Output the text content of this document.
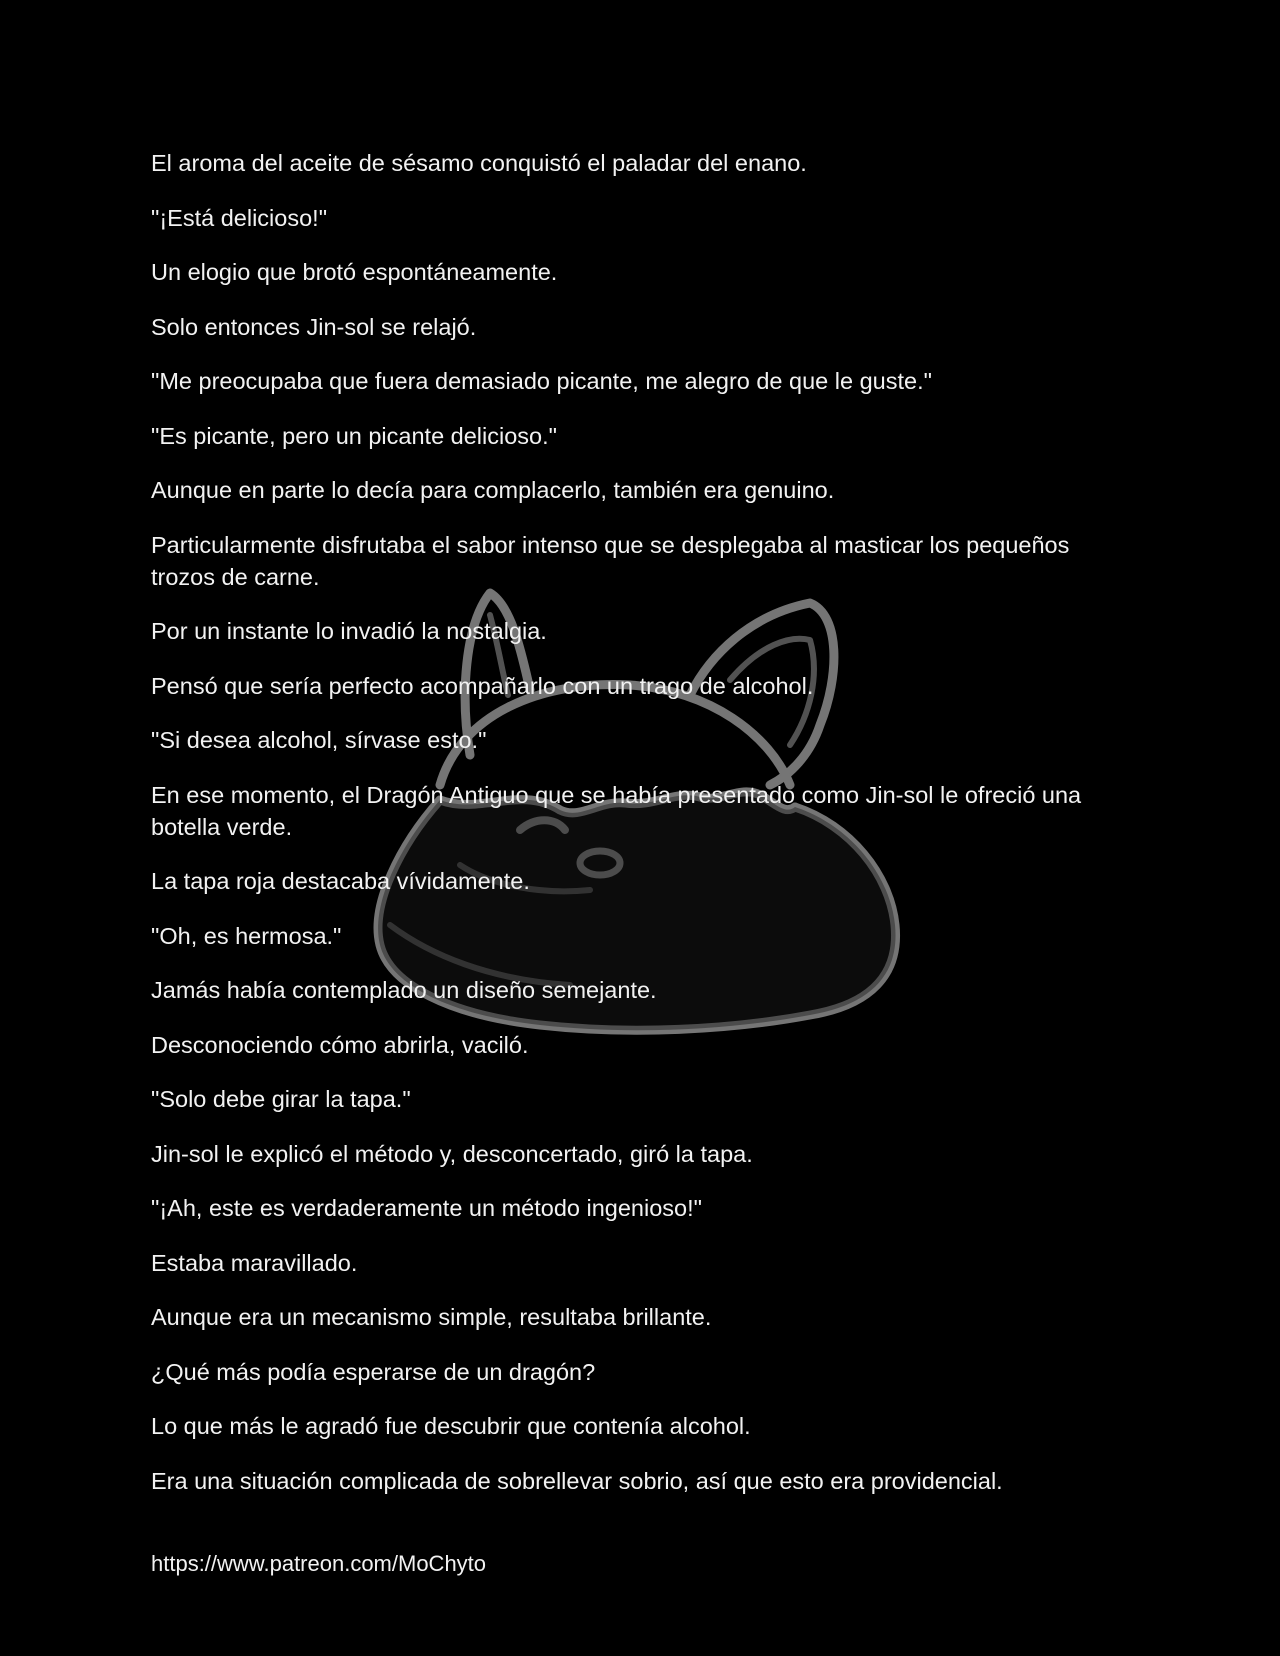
El aroma del aceite de sésamo conquistó el paladar del enano.

"¡Está delicioso!"

Un elogio que brotó espontáneamente.

Solo entonces Jin-sol se relajó.

"Me preocupaba que fuera demasiado picante, me alegro de que le guste."

"Es picante, pero un picante delicioso."

Aunque en parte lo decía para complacerlo, también era genuino.

Particularmente disfrutaba el sabor intenso que se desplegaba al masticar los pequeños trozos de carne.

Por un instante lo invadió la nostalgia.

Pensó que sería perfecto acompañarlo con un trago de alcohol.

"Si desea alcohol, sírvase esto."

En ese momento, el Dragón Antiguo que se había presentado como Jin-sol le ofreció una botella verde.

La tapa roja destacaba vívidamente.

"Oh, es hermosa."

Jamás había contemplado un diseño semejante.

Desconociendo cómo abrirla, vaciló.

"Solo debe girar la tapa."

Jin-sol le explicó el método y, desconcertado, giró la tapa.

"¡Ah, este es verdaderamente un método ingenioso!"

Estaba maravillado.

Aunque era un mecanismo simple, resultaba brillante.

¿Qué más podía esperarse de un dragón?

Lo que más le agradó fue descubrir que contenía alcohol.

Era una situación complicada de sobrellevar sobrio, así que esto era providencial.

https://www.patreon.com/MoChyto
